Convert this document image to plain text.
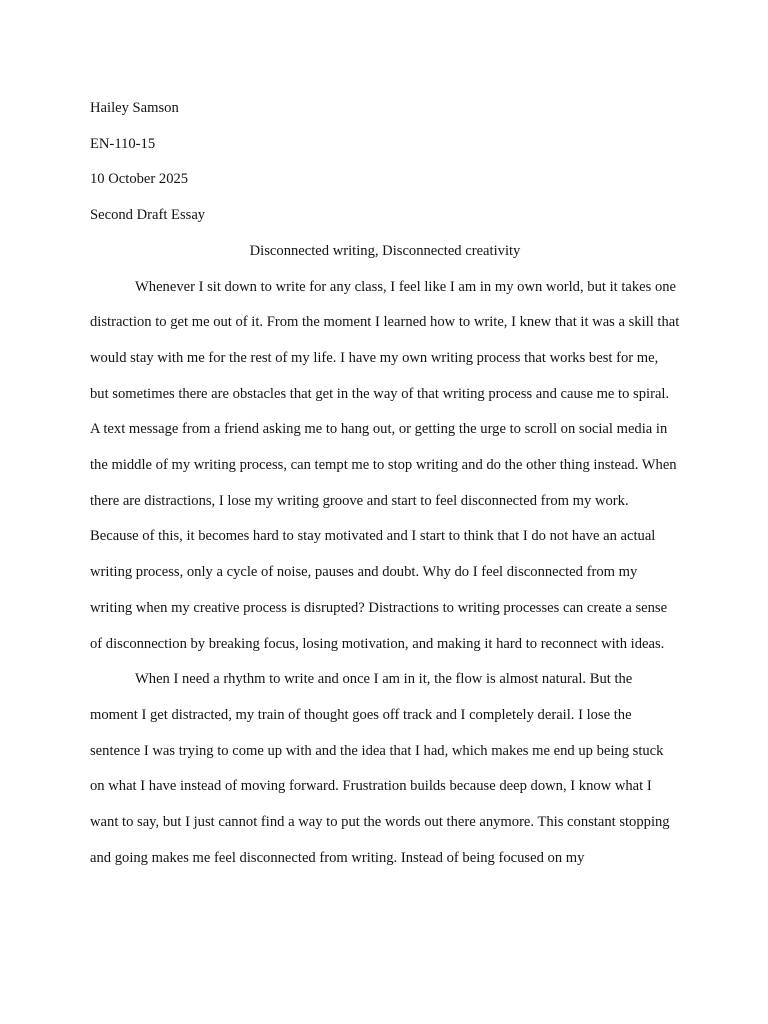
Hailey Samson

EN-110-15

10 October 2025

Second Draft Essay

Disconnected writing, Disconnected creativity

Whenever I sit down to write for any class, I feel like I am in my own world, but it takes one distraction to get me out of it. From the moment I learned how to write, I knew that it was a skill that would stay with me for the rest of my life. I have my own writing process that works best for me, but sometimes there are obstacles that get in the way of that writing process and cause me to spiral. A text message from a friend asking me to hang out, or getting the urge to scroll on social media in the middle of my writing process, can tempt me to stop writing and do the other thing instead. When there are distractions, I lose my writing groove and start to feel disconnected from my work. Because of this, it becomes hard to stay motivated and I start to think that I do not have an actual writing process, only a cycle of noise, pauses and doubt. Why do I feel disconnected from my writing when my creative process is disrupted? Distractions to writing processes can create a sense of disconnection by breaking focus, losing motivation, and making it hard to reconnect with ideas.

When I need a rhythm to write and once I am in it, the flow is almost natural. But the moment I get distracted, my train of thought goes off track and I completely derail. I lose the sentence I was trying to come up with and the idea that I had, which makes me end up being stuck on what I have instead of moving forward. Frustration builds because deep down, I know what I want to say, but I just cannot find a way to put the words out there anymore. This constant stopping and going makes me feel disconnected from writing. Instead of being focused on my
